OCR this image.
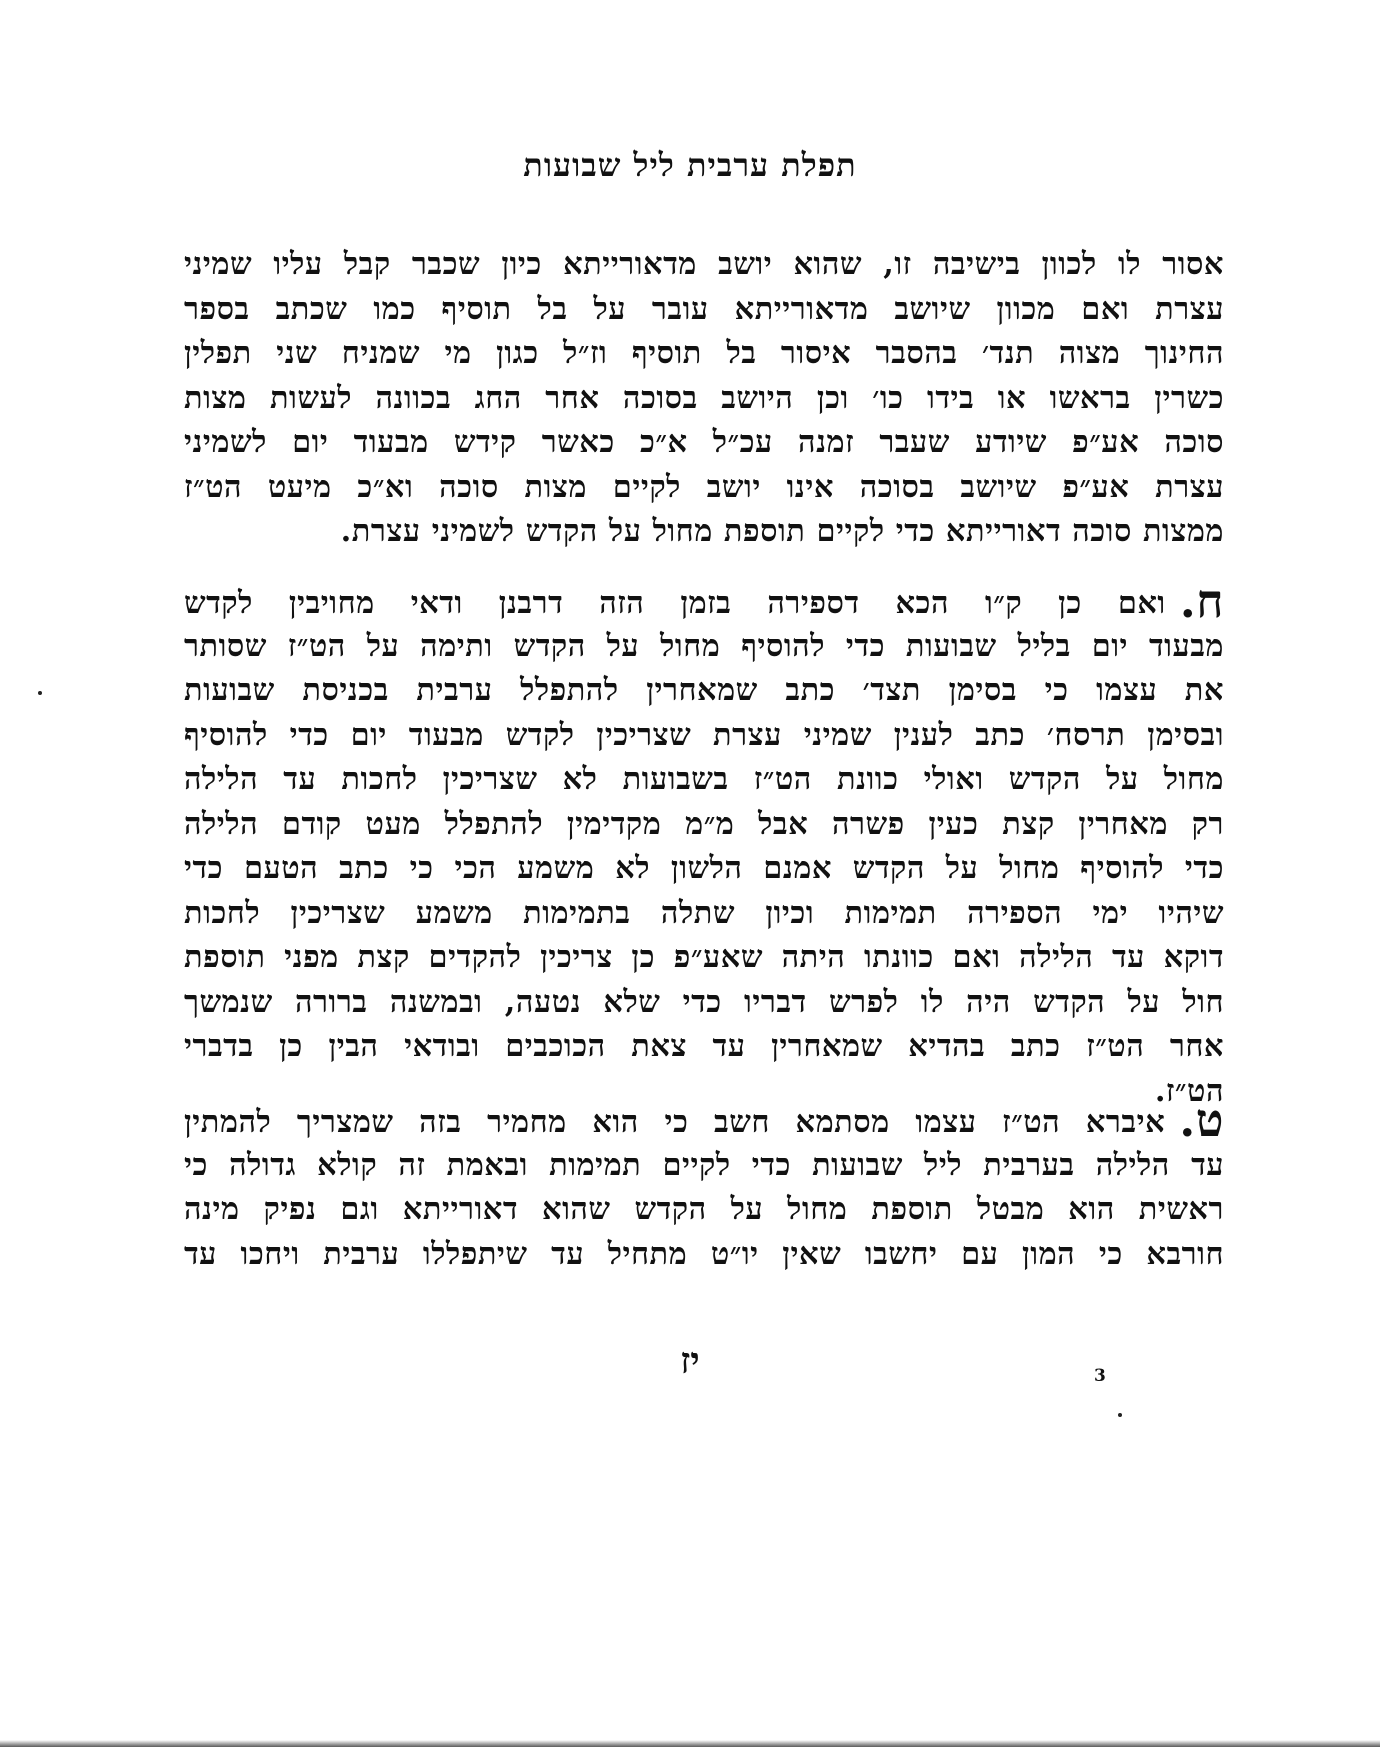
תפלת ערבית ליל שבועות
אסור לו לכוון בישיבה זו, שהוא יושב מדאורייתא כיון שכבר קבל עליו שמיני
עצרת ואם מכוון שיושב מדאורייתא עובר על בל תוסיף כמו שכתב בספר
החינוך מצוה תנד׳ בהסבר איסור בל תוסיף וז״ל כגון מי שמניח שני תפלין
כשרין בראשו או בידו כו׳ וכן היושב בסוכה אחר החג בכוונה לעשות מצות
סוכה אע״פ שיודע שעבר זמנה עכ״ל א״כ כאשר קידש מבעוד יום לשמיני
עצרת אע״פ שיושב בסוכה אינו יושב לקיים מצות סוכה וא״כ מיעט הט״ז
ממצות סוכה דאורייתא כדי לקיים תוספת מחול על הקדש לשמיני עצרת.
ח.ואם כן ק״ו הכא דספירה בזמן הזה דרבנן ודאי מחויבין לקדש
מבעוד יום בליל שבועות כדי להוסיף מחול על הקדש ותימה על הט״ז שסותר
את עצמו כי בסימן תצד׳ כתב שמאחרין להתפלל ערבית בכניסת שבועות
ובסימן תרסח׳ כתב לענין שמיני עצרת שצריכין לקדש מבעוד יום כדי להוסיף
מחול על הקדש ואולי כוונת הט״ז בשבועות לא שצריכין לחכות עד הלילה
רק מאחרין קצת כעין פשרה אבל מ״מ מקדימין להתפלל מעט קודם הלילה
כדי להוסיף מחול על הקדש אמנם הלשון לא משמע הכי כי כתב הטעם כדי
שיהיו ימי הספירה תמימות וכיון שתלה בתמימות משמע שצריכין לחכות
דוקא עד הלילה ואם כוונתו היתה שאע״פ כן צריכין להקדים קצת מפני תוספת
חול על הקדש היה לו לפרש דבריו כדי שלא נטעה, ובמשנה ברורה שנמשך
אחר הט״ז כתב בהדיא שמאחרין עד צאת הכוכבים ובודאי הבין כן בדברי
הט״ז.
ט.איברא הט״ז עצמו מסתמא חשב כי הוא מחמיר בזה שמצריך להמתין
עד הלילה בערבית ליל שבועות כדי לקיים תמימות ובאמת זה קולא גדולה כי
ראשית הוא מבטל תוספת מחול על הקדש שהוא דאורייתא וגם נפיק מינה
חורבא כי המון עם יחשבו שאין יו״ט מתחיל עד שיתפללו ערבית ויחכו עד
יז	3
